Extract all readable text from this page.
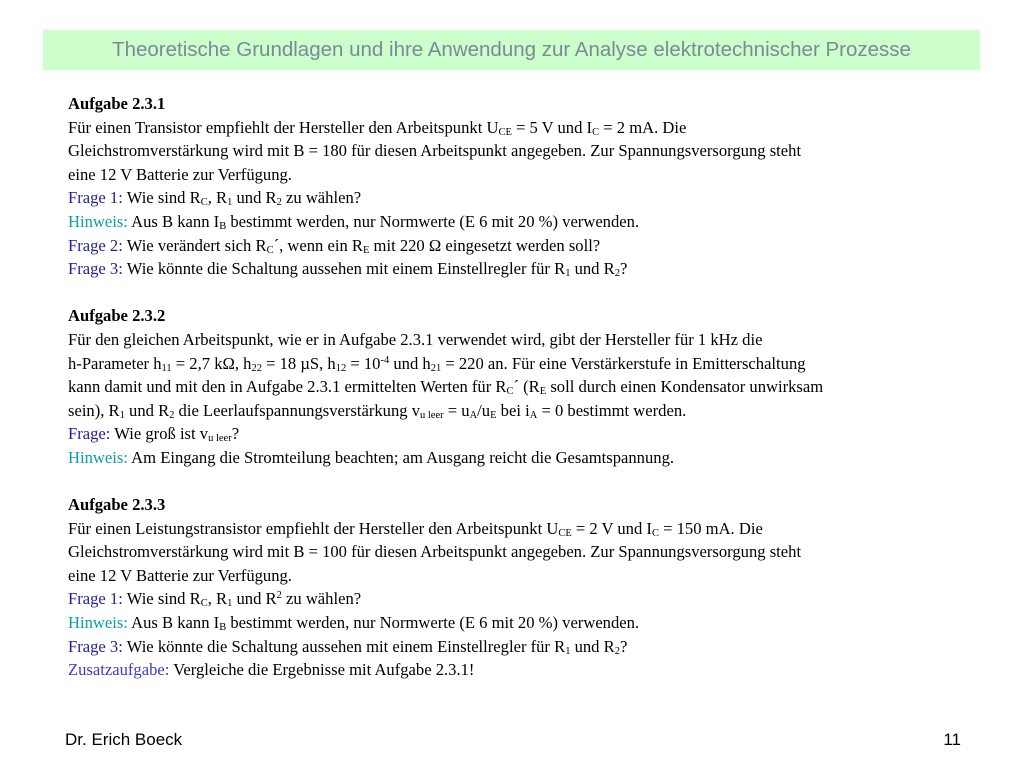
Theoretische Grundlagen und ihre Anwendung zur Analyse elektrotechnischer Prozesse
Aufgabe 2.3.1
Für einen Transistor empfiehlt der Hersteller den Arbeitspunkt $U_{CE} = 5$ V und $I_C = 2$ mA. Die
Gleichstromverstärkung wird mit B = 180 für diesen Arbeitspunkt angegeben. Zur Spannungsversorgung steht
eine 12 V Batterie zur Verfügung.
Frage 1: Wie sind $R_C$, $R_1$ und $R_2$ zu wählen?
Hinweis: Aus B kann $I_B$ bestimmt werden, nur Normwerte (E 6 mit 20 %) verwenden.
Frage 2: Wie verändert sich $R_C´$, wenn ein $R_E$ mit 220 Ω eingesetzt werden soll?
Frage 3: Wie könnte die Schaltung aussehen mit einem Einstellregler für $R_1$ und $R_2$?
Aufgabe 2.3.2
Für den gleichen Arbeitspunkt, wie er in Aufgabe 2.3.1 verwendet wird, gibt der Hersteller für 1 kHz die
h-Parameter $h_{11} = 2,7$ kΩ, $h_{22} = 18$ µS, $h_{12} = 10^{-4}$ und $h_{21} = 220$ an. Für eine Verstärkerstufe in Emitterschaltung
kann damit und mit den in Aufgabe 2.3.1 ermittelten Werten für $R_C´$ ($R_E$ soll durch einen Kondensator unwirksam
sein), $R_1$ und $R_2$ die Leerlaufspannungsverstärkung $v_{u leer} = u_A/u_E$ bei $i_A = 0$ bestimmt werden.
Frage: Wie groß ist $v_{u leer}$?
Hinweis: Am Eingang die Stromteilung beachten; am Ausgang reicht die Gesamtspannung.
Aufgabe 2.3.3
Für einen Leistungstransistor empfiehlt der Hersteller den Arbeitspunkt $U_{CE} = 2$ V und $I_C = 150$ mA. Die
Gleichstromverstärkung wird mit B = 100 für diesen Arbeitspunkt angegeben. Zur Spannungsversorgung steht
eine 12 V Batterie zur Verfügung.
Frage 1: Wie sind $R_C$, $R_1$ und $R^2$ zu wählen?
Hinweis: Aus B kann $I_B$ bestimmt werden, nur Normwerte (E 6 mit 20 %) verwenden.
Frage 3: Wie könnte die Schaltung aussehen mit einem Einstellregler für $R_1$ und $R_2$?
Zusatzaufgabe: Vergleiche die Ergebnisse mit Aufgabe 2.3.1!
Dr. Erich Boeck	11
